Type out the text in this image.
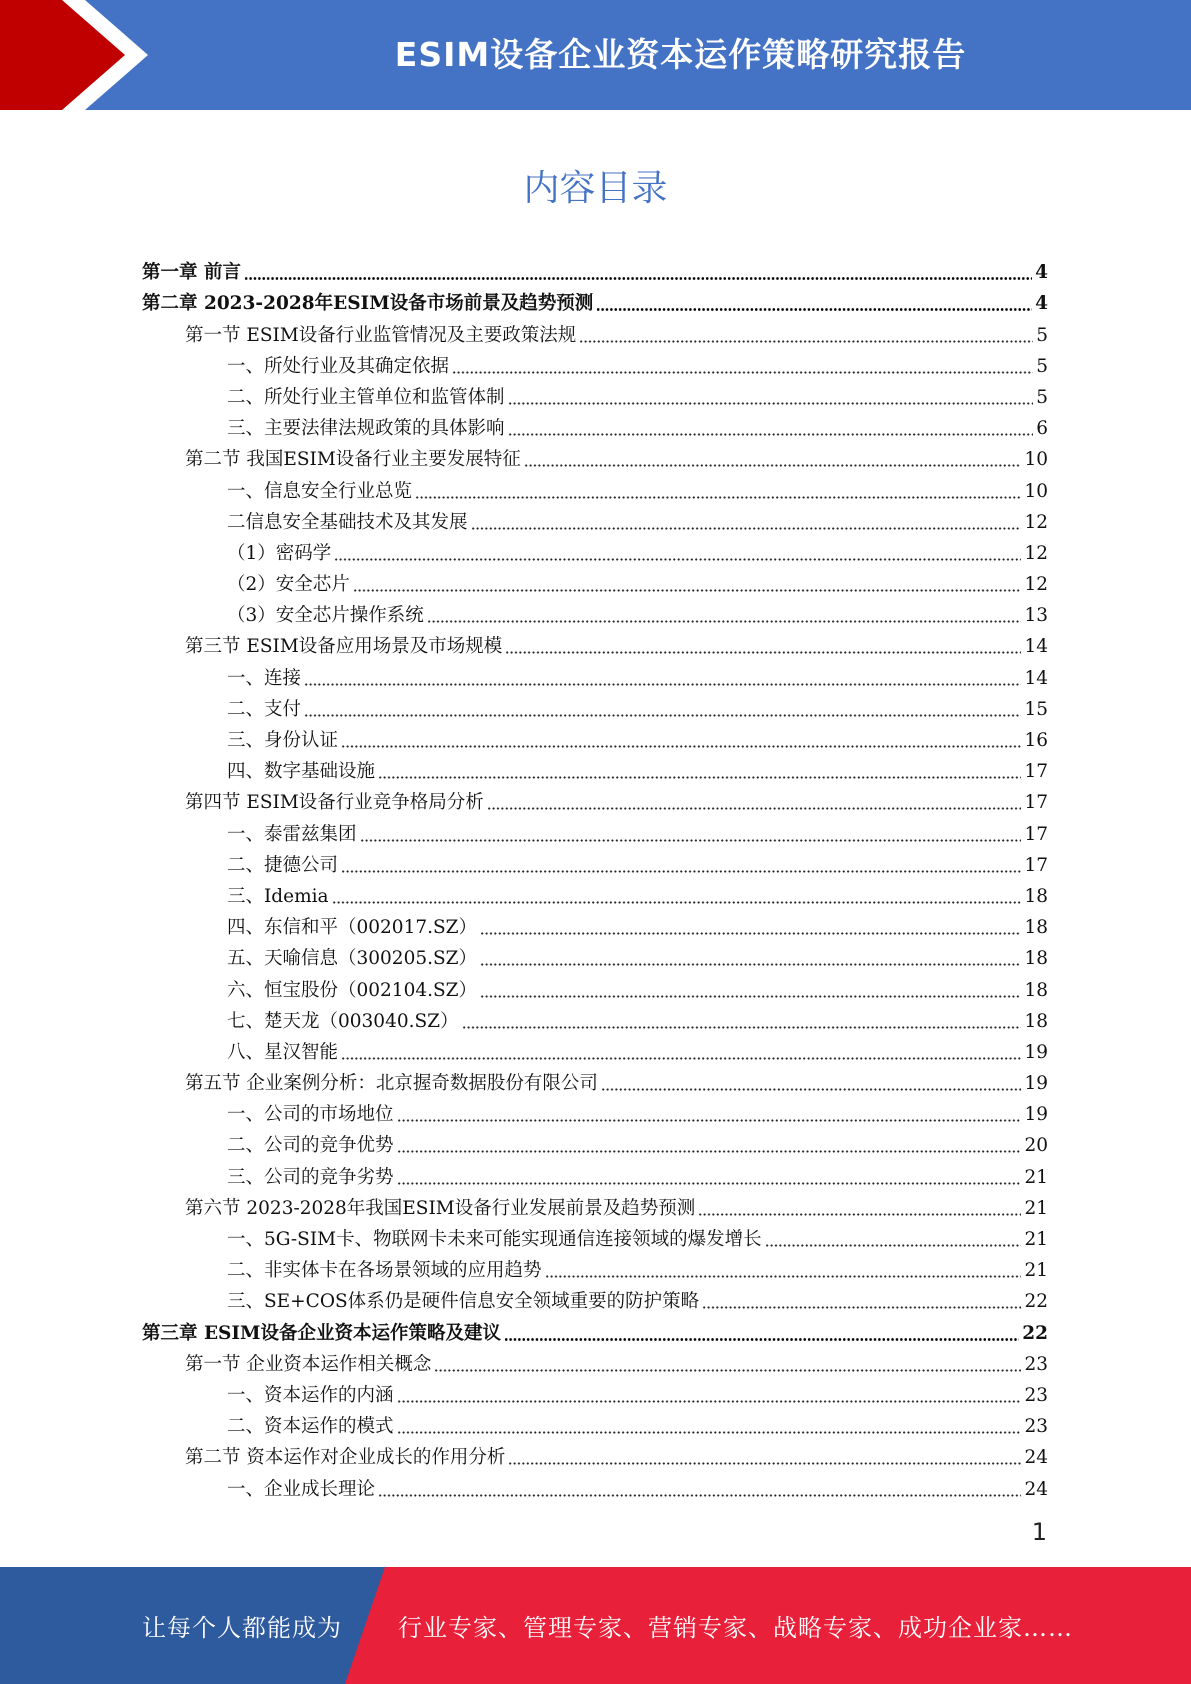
ESIM设备企业资本运作策略研究报告
内容目录
第一章 前言	4
第二章 2023-2028年ESIM设备市场前景及趋势预测	4
第一节 ESIM设备行业监管情况及主要政策法规	5
一、所处行业及其确定依据	5
二、所处行业主管单位和监管体制	5
三、主要法律法规政策的具体影响	6
第二节 我国ESIM设备行业主要发展特征	10
一、信息安全行业总览	10
二信息安全基础技术及其发展	12
（1）密码学	12
（2）安全芯片	12
（3）安全芯片操作系统	13
第三节 ESIM设备应用场景及市场规模	14
一、连接	14
二、支付	15
三、身份认证	16
四、数字基础设施	17
第四节 ESIM设备行业竞争格局分析	17
一、泰雷兹集团	17
二、捷德公司	17
三、Idemia	18
四、东信和平（002017.SZ）	18
五、天喻信息（300205.SZ）	18
六、恒宝股份（002104.SZ）	18
七、楚天龙（003040.SZ）	18
八、星汉智能	19
第五节 企业案例分析：北京握奇数据股份有限公司	19
一、公司的市场地位	19
二、公司的竞争优势	20
三、公司的竞争劣势	21
第六节 2023-2028年我国ESIM设备行业发展前景及趋势预测	21
一、5G-SIM卡、物联网卡未来可能实现通信连接领域的爆发增长	21
二、非实体卡在各场景领域的应用趋势	21
三、SE+COS体系仍是硬件信息安全领域重要的防护策略	22
第三章 ESIM设备企业资本运作策略及建议	22
第一节 企业资本运作相关概念	23
一、资本运作的内涵	23
二、资本运作的模式	23
第二节 资本运作对企业成长的作用分析	24
一、企业成长理论	24
1
让每个人都能成为 行业专家、管理专家、营销专家、战略专家、成功企业家……
